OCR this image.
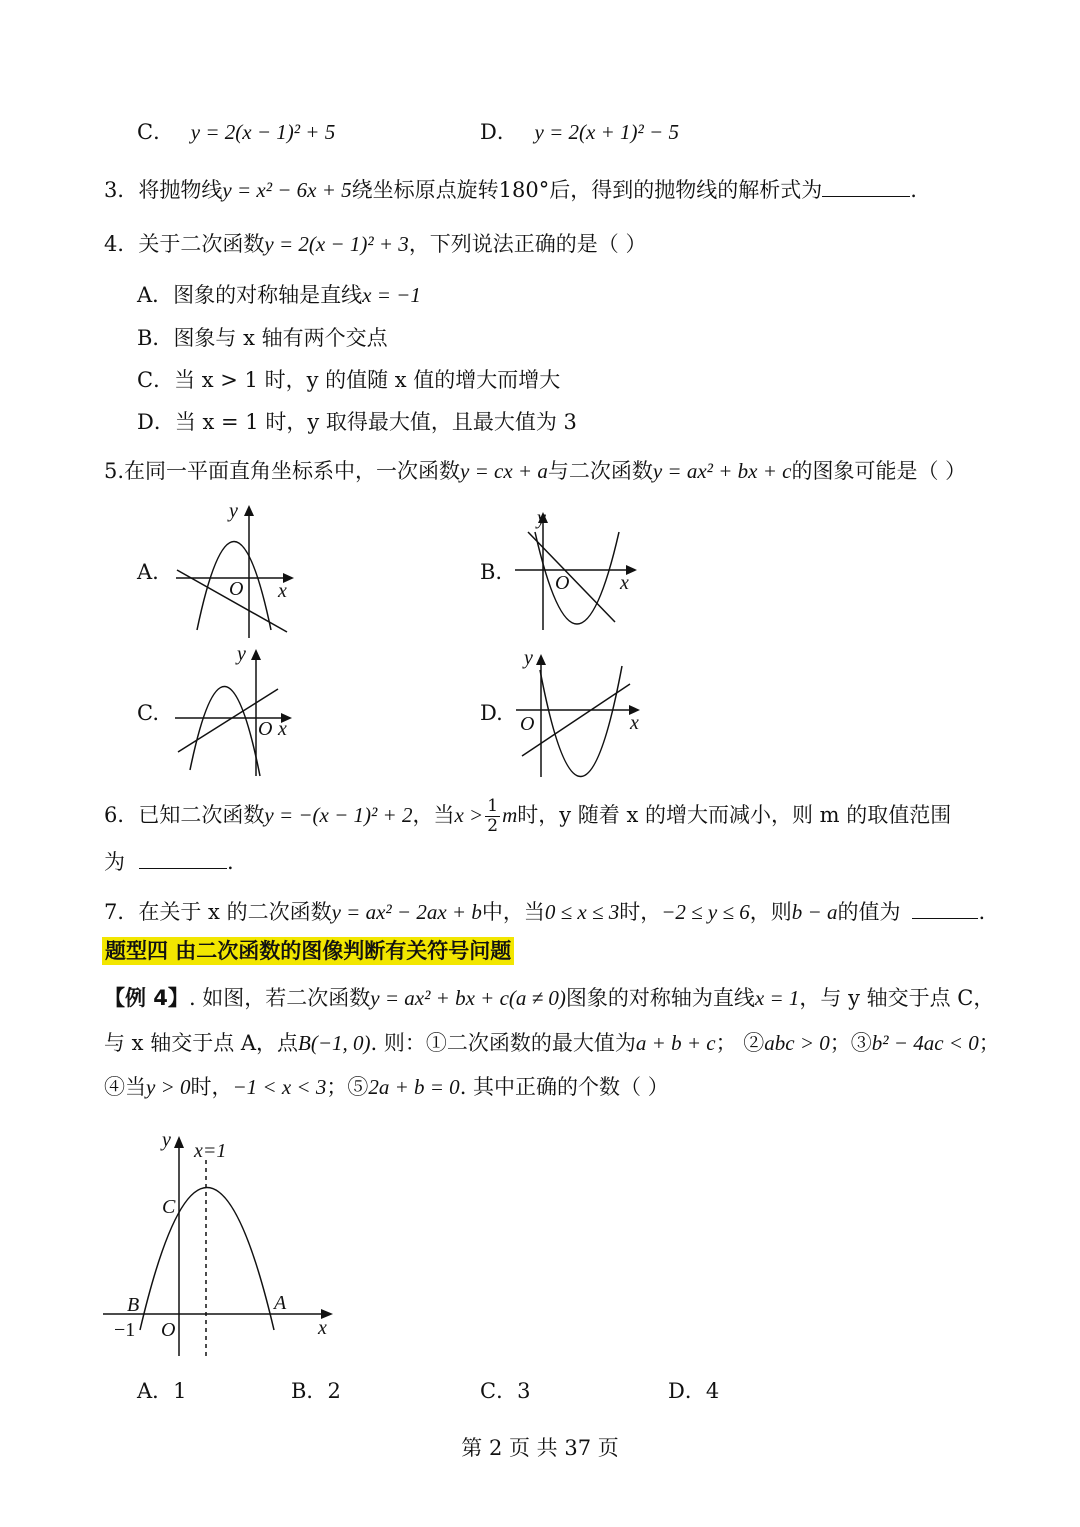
C． y = 2(x − 1)² + 5	D． y = 2(x + 1)² − 5
3．将抛物线y = x² − 6x + 5绕坐标原点旋转180°后，得到的抛物线的解析式为	.
4．关于二次函数y = 2(x − 1)² + 3，下列说法正确的是（ ）
A．图象的对称轴是直线x = −1
B．图象与 x 轴有两个交点
C．当 x > 1 时，y 的值随 x 值的增大而增大
D．当 x = 1 时，y 取得最大值，且最大值为 3
5.在同一平面直角坐标系中，一次函数y = cx + a与二次函数y = ax² + bx + c的图象可能是（ ）
A.	B.
C.	D.
y
O x
y
O	x
y
O x
y
O	x
6．已知二次函数y = −(x − 1)² + 2，当$x > \frac{1}{2}$ m时，y 随着 x 的增大而减小，则 m 的取值范围
为	.
7．在关于 x 的二次函数y = ax² − 2ax + b中，当0 ≤ x ≤ 3时，−2 ≤ y ≤ 6，则b − a的值为	.
题型四 由二次函数的图像判断有关符号问题
【例 4】. 如图，若二次函数y = ax² + bx + c(a ≠ 0)图象的对称轴为直线x = 1，与 y 轴交于点 C，
与 x 轴交于点 A，点B(−1, 0). 则：①二次函数的最大值为a + b + c； ②abc > 0；③b² − 4ac < 0；
④当y > 0时，−1 < x < 3；⑤2a + b = 0. 其中正确的个数（ ）
y x=1
C
B	A
−1 O	x
A．1	B．2	C．3	D．4
第 2 页 共 37 页
